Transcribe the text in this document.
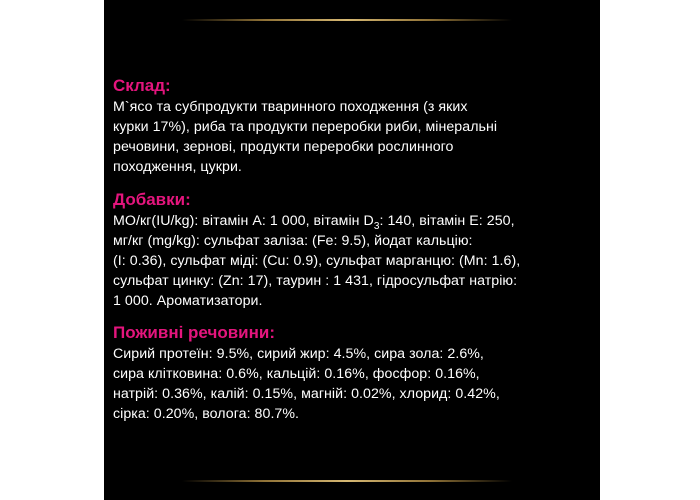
Склад:
М`ясо та субпродукти тваринного походження (з яких
курки 17%), риба та продукти переробки риби, мінеральні
речовини, зернові, продукти переробки рослинного
походження, цукри.
Добавки:
МО/кг(IU/kg): вітамін А: 1 000, вітамін $D_3$: 140, вітамін E: 250,
мг/кг (mg/kg): сульфат заліза: (Fe: 9.5), йодат кальцію:
(I: 0.36), сульфат міді: (Cu: 0.9), сульфат марганцю: (Mn: 1.6),
сульфат цинку: (Zn: 17), таурин : 1 431, гідросульфат натрію:
1 000. Ароматизатори.
Поживні речовини:
Сирий протеїн: 9.5%, сирий жир: 4.5%, сира зола: 2.6%,
сира клітковина: 0.6%, кальцій: 0.16%, фосфор: 0.16%,
натрій: 0.36%, калій: 0.15%, магній: 0.02%, хлорид: 0.42%,
сірка: 0.20%, волога: 80.7%.
